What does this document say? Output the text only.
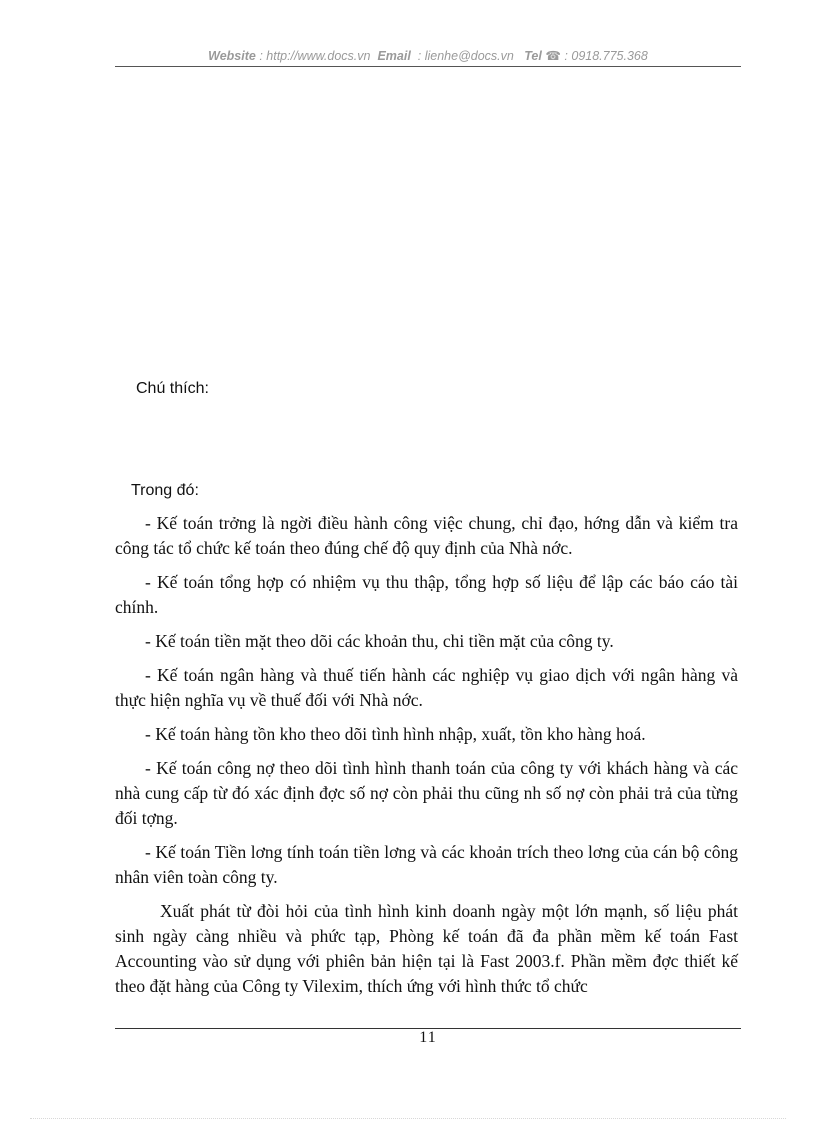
Website : http://www.docs.vn Email : lienhe@docs.vn Tel ☎ : 0918.775.368
Chú thích:
Trong đó:
- Kế toán trởng là ngời điều hành công việc chung, chỉ đạo, hớng dẫn và kiểm tra công tác tổ chức kế toán theo đúng chế độ quy định của Nhà nớc.
- Kế toán tổng hợp có nhiệm vụ thu thập, tổng hợp số liệu để lập các báo cáo tài chính.
- Kế toán tiền mặt theo dõi các khoản thu, chi tiền mặt của công ty.
- Kế toán ngân hàng và thuế tiến hành các nghiệp vụ giao dịch với ngân hàng và thực hiện nghĩa vụ về thuế đối với Nhà nớc.
- Kế toán hàng tồn kho theo dõi tình hình nhập, xuất, tồn kho hàng hoá.
- Kế toán công nợ theo dõi tình hình thanh toán của công ty với khách hàng và các nhà cung cấp từ đó xác định đợc số nợ còn phải thu cũng nh số nợ còn phải trả của từng đối tợng.
- Kế toán Tiền lơng tính toán tiền lơng và các khoản trích theo lơng của cán bộ công nhân viên toàn công ty.
Xuất phát từ đòi hỏi của tình hình kinh doanh ngày một lớn mạnh, số liệu phát sinh ngày càng nhiều và phức tạp, Phòng kế toán đã đa phần mềm kế toán Fast Accounting vào sử dụng với phiên bản hiện tại là Fast 2003.f. Phần mềm đợc thiết kế theo đặt hàng của Công ty Vilexim, thích ứng với hình thức tổ chức
11
